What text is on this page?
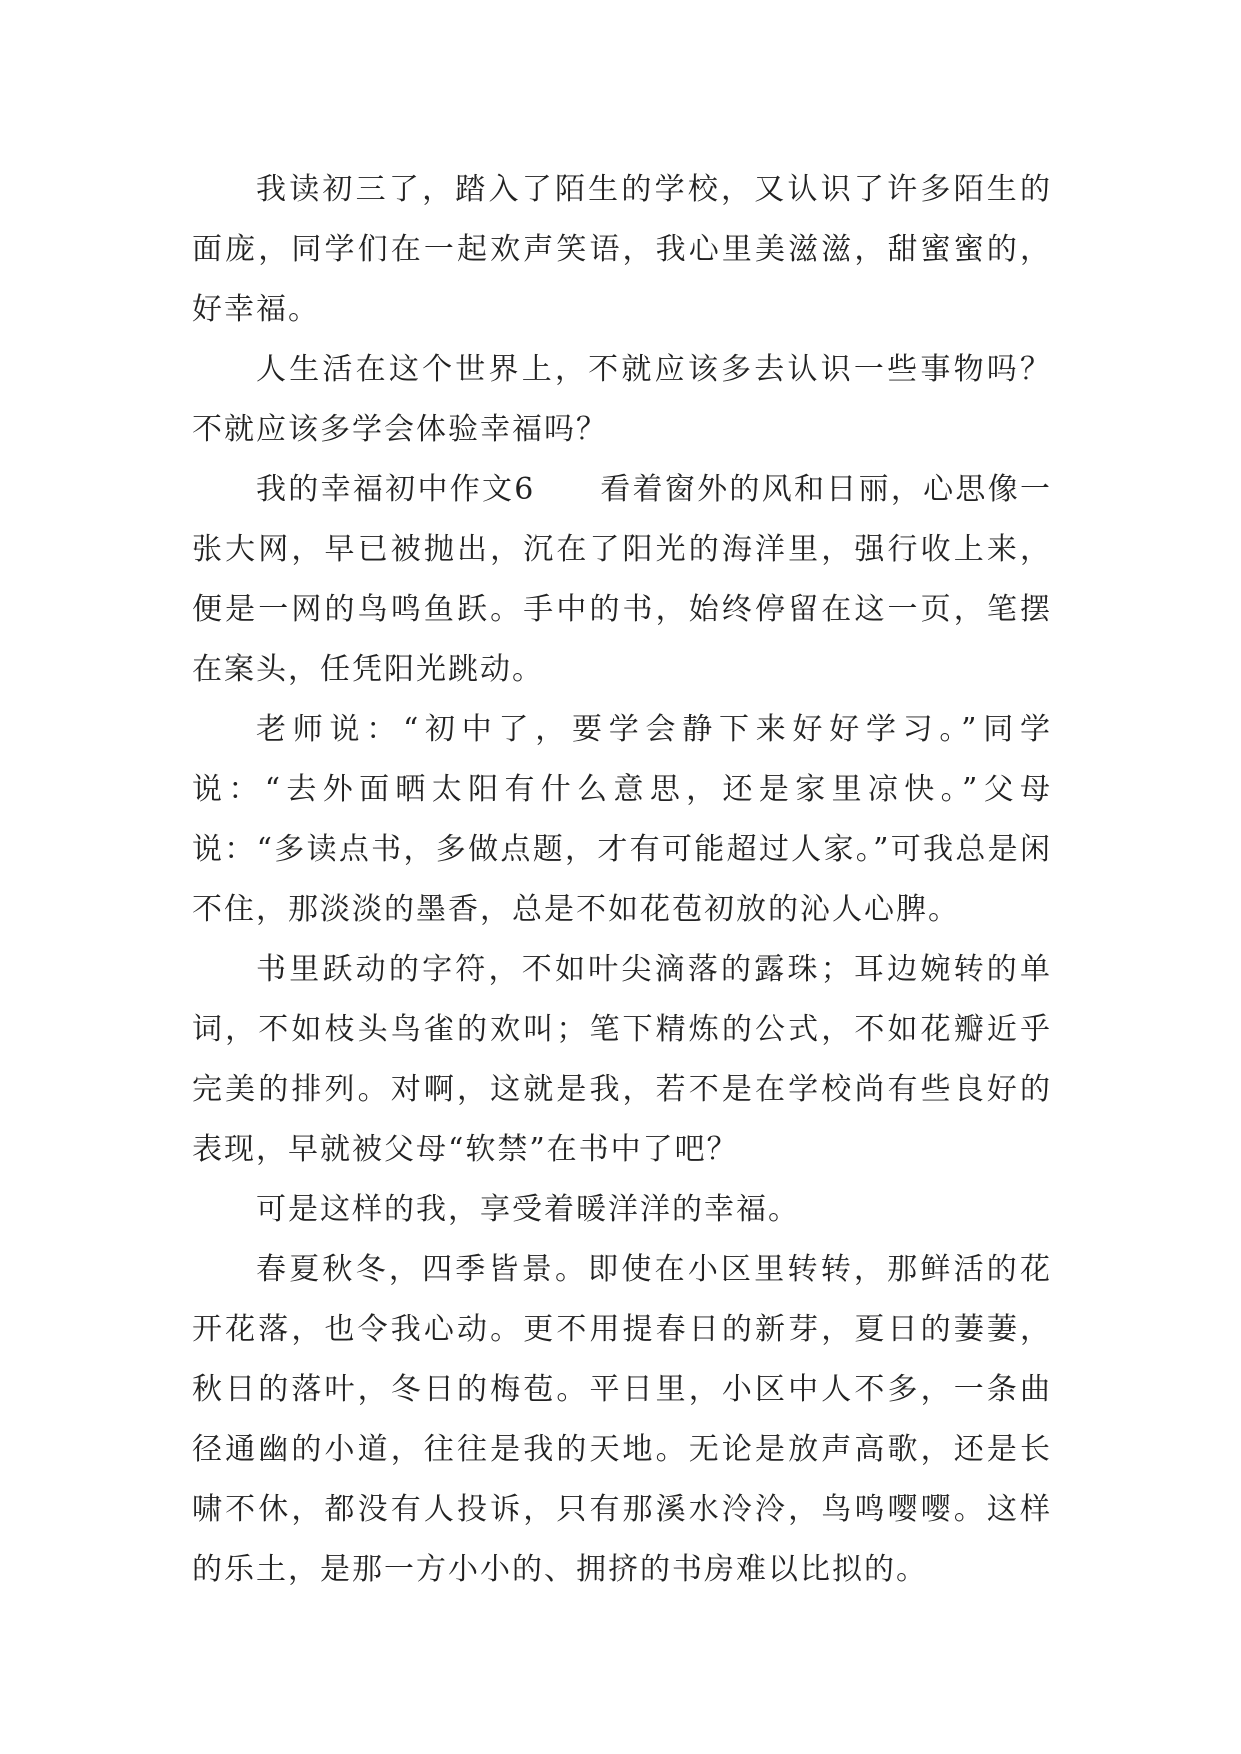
我读初三了，踏入了陌生的学校，又认识了许多陌生的面庞，同学们在一起欢声笑语，我心里美滋滋，甜蜜蜜的，好幸福。

人生活在这个世界上，不就应该多去认识一些事物吗？不就应该多学会体验幸福吗？

我的幸福初中作文6　　看着窗外的风和日丽，心思像一张大网，早已被抛出，沉在了阳光的海洋里，强行收上来，便是一网的鸟鸣鱼跃。手中的书，始终停留在这一页，笔摆在案头，任凭阳光跳动。

老师说：“初中了，要学会静下来好好学习。”同学说：“去外面晒太阳有什么意思，还是家里凉快。”父母说：“多读点书，多做点题，才有可能超过人家。”可我总是闲不住，那淡淡的墨香，总是不如花苞初放的沁人心脾。

书里跃动的字符，不如叶尖滴落的露珠；耳边婉转的单词，不如枝头鸟雀的欢叫；笔下精炼的公式，不如花瓣近乎完美的排列。对啊，这就是我，若不是在学校尚有些良好的表现，早就被父母“软禁”在书中了吧？

可是这样的我，享受着暖洋洋的幸福。

春夏秋冬，四季皆景。即使在小区里转转，那鲜活的花开花落，也令我心动。更不用提春日的新芽，夏日的萋萋，秋日的落叶，冬日的梅苞。平日里，小区中人不多，一条曲径通幽的小道，往往是我的天地。无论是放声高歌，还是长啸不休，都没有人投诉，只有那溪水泠泠，鸟鸣嘤嘤。这样的乐土，是那一方小小的、拥挤的书房难以比拟的。
